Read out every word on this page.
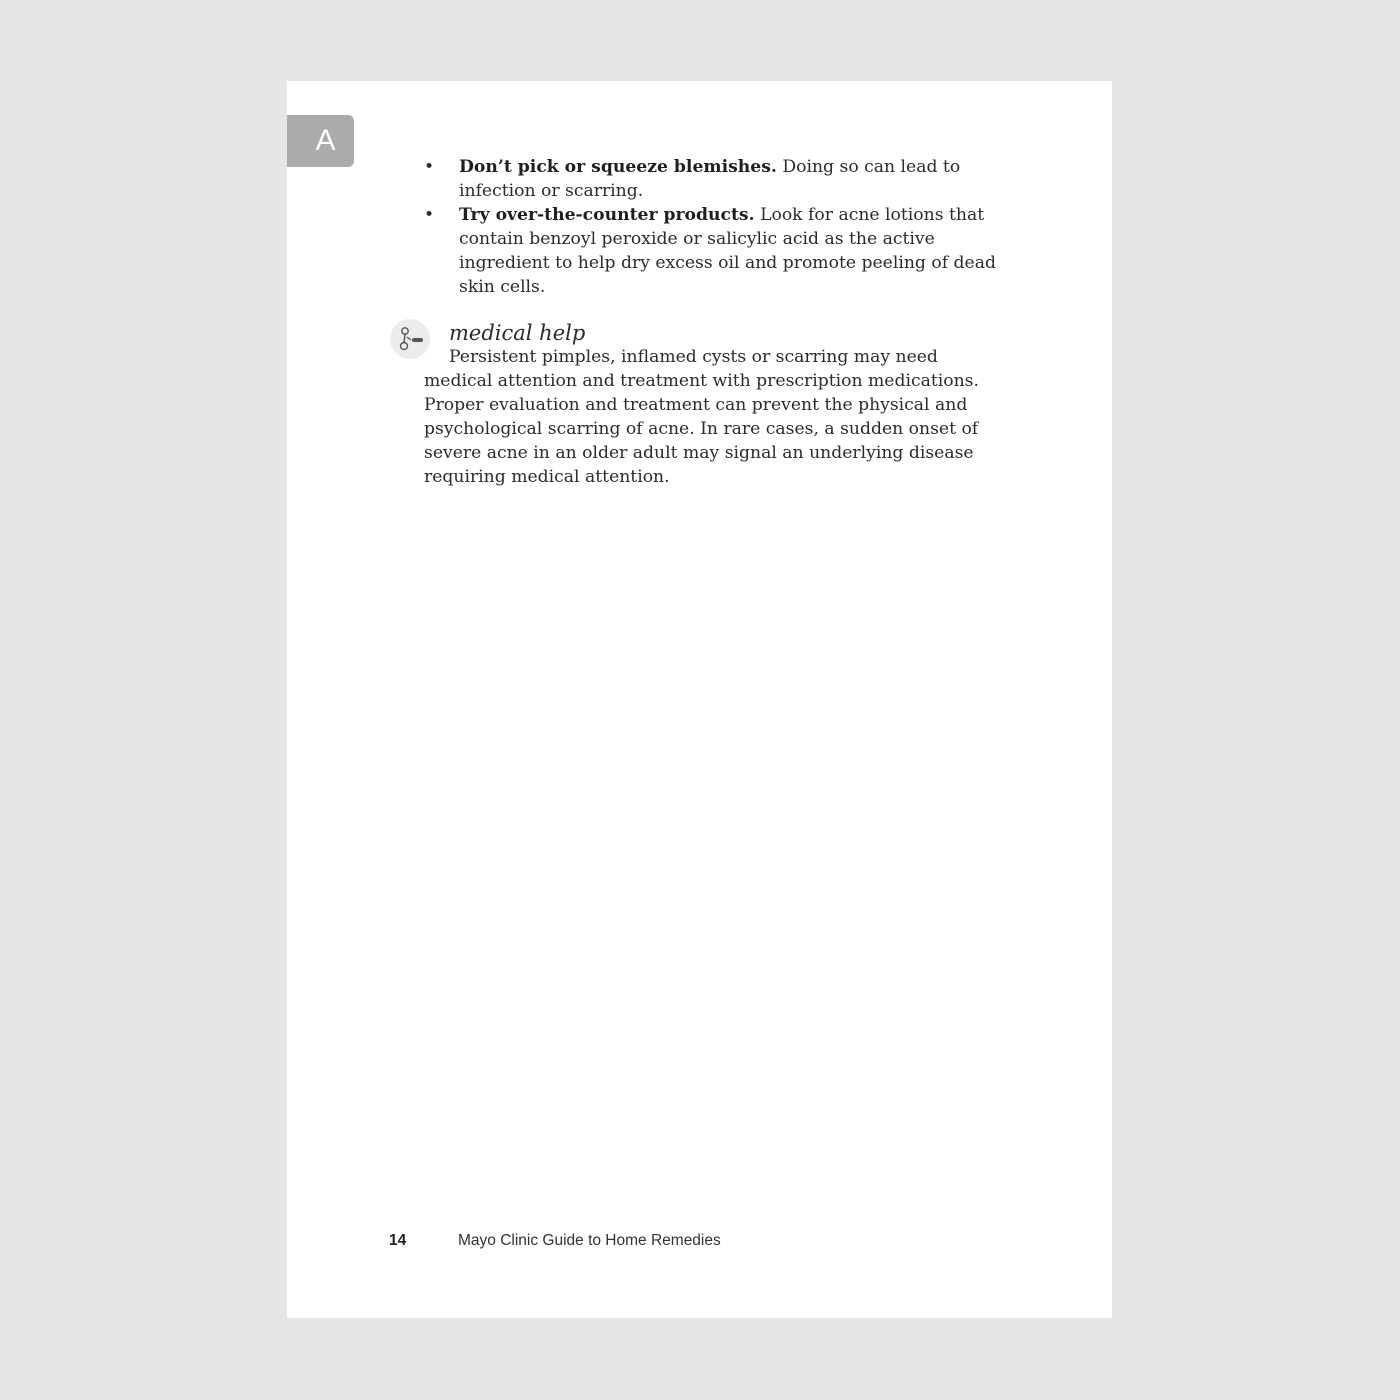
A
• Don’t pick or squeeze blemishes. Doing so can lead to infection or scarring.
• Try over-the-counter products. Look for acne lotions that contain benzoyl peroxide or salicylic acid as the active ingredient to help dry excess oil and promote peeling of dead skin cells.
medical help

Persistent pimples, inflamed cysts or scarring may need medical attention and treatment with prescription medications. Proper evaluation and treatment can prevent the physical and psychological scarring of acne. In rare cases, a sudden onset of severe acne in an older adult may signal an underlying disease requiring medical attention.

14	Mayo Clinic Guide to Home Remedies
